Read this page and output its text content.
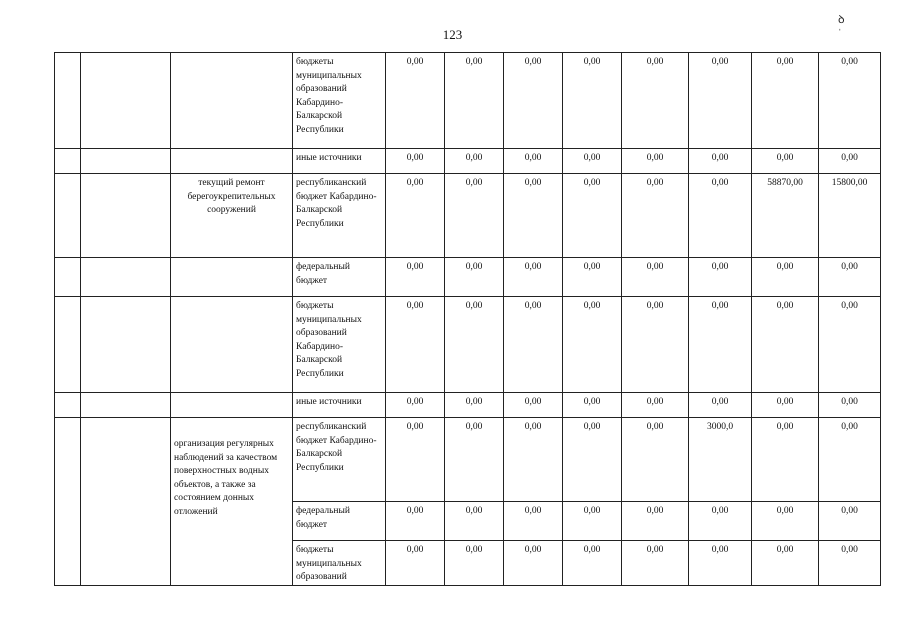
123
ꝺ ˈ
			бюджеты муниципальных образований Кабардино-Балкарской Республики	0,00	0,00	0,00	0,00	0,00	0,00	0,00	0,00
			иные источники	0,00	0,00	0,00	0,00	0,00	0,00	0,00	0,00
		текущий ремонт берегоукрепительных сооружений	республиканский бюджет Кабардино-Балкарской Республики	0,00	0,00	0,00	0,00	0,00	0,00	58870,00	15800,00
			федеральный бюджет	0,00	0,00	0,00	0,00	0,00	0,00	0,00	0,00
			бюджеты муниципальных образований Кабардино-Балкарской Республики	0,00	0,00	0,00	0,00	0,00	0,00	0,00	0,00
			иные источники	0,00	0,00	0,00	0,00	0,00	0,00	0,00	0,00
		организация регулярных наблюдений за качеством поверхностных водных объектов, а также за состоянием донных отложений	республиканский бюджет Кабардино-Балкарской Республики	0,00	0,00	0,00	0,00	0,00	3000,0	0,00	0,00
			федеральный бюджет	0,00	0,00	0,00	0,00	0,00	0,00	0,00	0,00
			бюджеты муниципальных образований	0,00	0,00	0,00	0,00	0,00	0,00	0,00	0,00
